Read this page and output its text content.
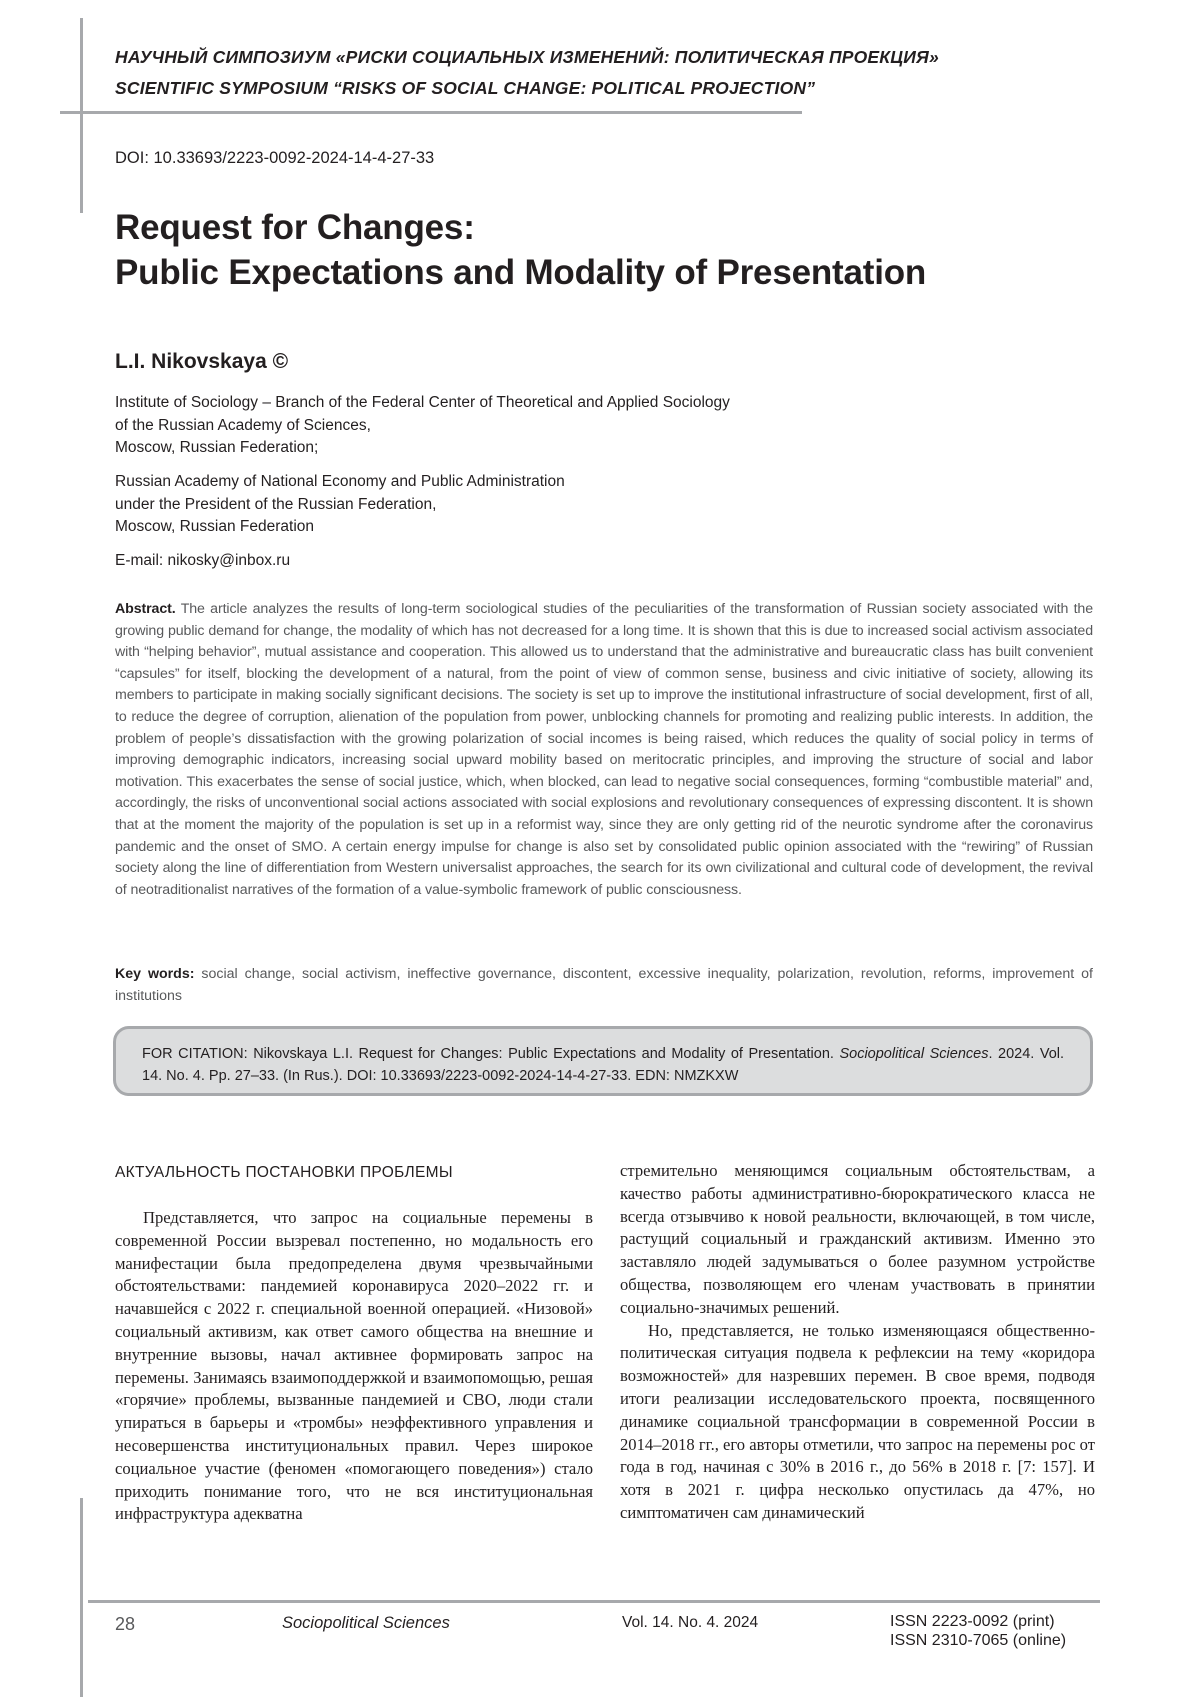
НАУЧНЫЙ СИМПОЗИУМ «РИСКИ СОЦИАЛЬНЫХ ИЗМЕНЕНИЙ: ПОЛИТИЧЕСКАЯ ПРОЕКЦИЯ»
SCIENTIFIC SYMPOSIUM “RISKS OF SOCIAL CHANGE: POLITICAL PROJECTION”
DOI: 10.33693/2223-0092-2024-14-4-27-33
Request for Changes:
Public Expectations and Modality of Presentation
L.I. Nikovskaya ©
Institute of Sociology – Branch of the Federal Center of Theoretical and Applied Sociology
of the Russian Academy of Sciences,
Moscow, Russian Federation;
Russian Academy of National Economy and Public Administration
under the President of the Russian Federation,
Moscow, Russian Federation
E-mail: nikosky@inbox.ru
Abstract. The article analyzes the results of long-term sociological studies of the peculiarities of the transformation of Russian society associated with the growing public demand for change, the modality of which has not decreased for a long time. It is shown that this is due to increased social activism associated with “helping behavior”, mutual assistance and cooperation. This allowed us to understand that the administrative and bureaucratic class has built convenient “capsules” for itself, blocking the development of a natural, from the point of view of common sense, business and civic initiative of society, allowing its members to participate in making socially significant decisions. The society is set up to improve the institutional infrastructure of social development, first of all, to reduce the degree of corruption, alienation of the population from power, unblocking channels for promoting and realizing public interests. In addition, the problem of people’s dissatisfaction with the growing polarization of social incomes is being raised, which reduces the quality of social policy in terms of improving demographic indicators, increasing social upward mobility based on meritocratic principles, and improving the structure of social and labor motivation. This exacerbates the sense of social justice, which, when blocked, can lead to negative social consequences, forming “combustible material” and, accordingly, the risks of unconventional social actions associated with social explosions and revolutionary consequences of expressing discontent. It is shown that at the moment the majority of the population is set up in a reformist way, since they are only getting rid of the neurotic syndrome after the coronavirus pandemic and the onset of SMO. A certain energy impulse for change is also set by consolidated public opinion associated with the “rewiring” of Russian society along the line of differentiation from Western universalist approaches, the search for its own civilizational and cultural code of development, the revival of neotraditionalist narratives of the formation of a value-symbolic framework of public consciousness.
Key words: social change, social activism, ineffective governance, discontent, excessive inequality, polarization, revolution, reforms, improvement of institutions
FOR CITATION: Nikovskaya L.I. Request for Changes: Public Expectations and Modality of Presentation. Sociopolitical Sciences. 2024. Vol. 14. No. 4. Pp. 27–33. (In Rus.). DOI: 10.33693/2223-0092-2024-14-4-27-33. EDN: NMZKXW
АКТУАЛЬНОСТЬ ПОСТАНОВКИ ПРОБЛЕМЫ

Представляется, что запрос на социальные перемены в современной России вызревал постепенно, но модальность его манифестации была предопределена двумя чрезвычайными обстоятельствами: пандемией коронавируса 2020–2022 гг. и начавшейся с 2022 г. специальной военной операцией. «Низовой» социальный активизм, как ответ самого общества на внешние и внутренние вызовы, начал активнее формировать запрос на перемены. Занимаясь взаимоподдержкой и взаимопомощью, решая «горячие» проблемы, вызванные пандемией и СВО, люди стали упираться в барьеры и «тромбы» неэффективного управления и несовершенства институциональных правил. Через широкое социальное участие (феномен «помогающего поведения») стало приходить понимание того, что не вся институциональная инфраструктура адекватна

стремительно меняющимся социальным обстоятельствам, а качество работы административно-бюрократического класса не всегда отзывчиво к новой реальности, включающей, в том числе, растущий социальный и гражданский активизм. Именно это заставляло людей задумываться о более разумном устройстве общества, позволяющем его членам участвовать в принятии социально-значимых решений.

Но, представляется, не только изменяющаяся общественно-политическая ситуация подвела к рефлексии на тему «коридора возможностей» для назревших перемен. В свое время, подводя итоги реализации исследовательского проекта, посвященного динамике социальной трансформации в современной России в 2014–2018 гг., его авторы отметили, что запрос на перемены рос от года в год, начиная с 30% в 2016 г., до 56% в 2018 г. [7: 157]. И хотя в 2021 г. цифра несколько опустилась да 47%, но симптоматичен сам динамический

28	Sociopolitical Sciences	Vol. 14. No. 4. 2024	ISSN 2223-0092 (print)
ISSN 2310-7065 (online)
